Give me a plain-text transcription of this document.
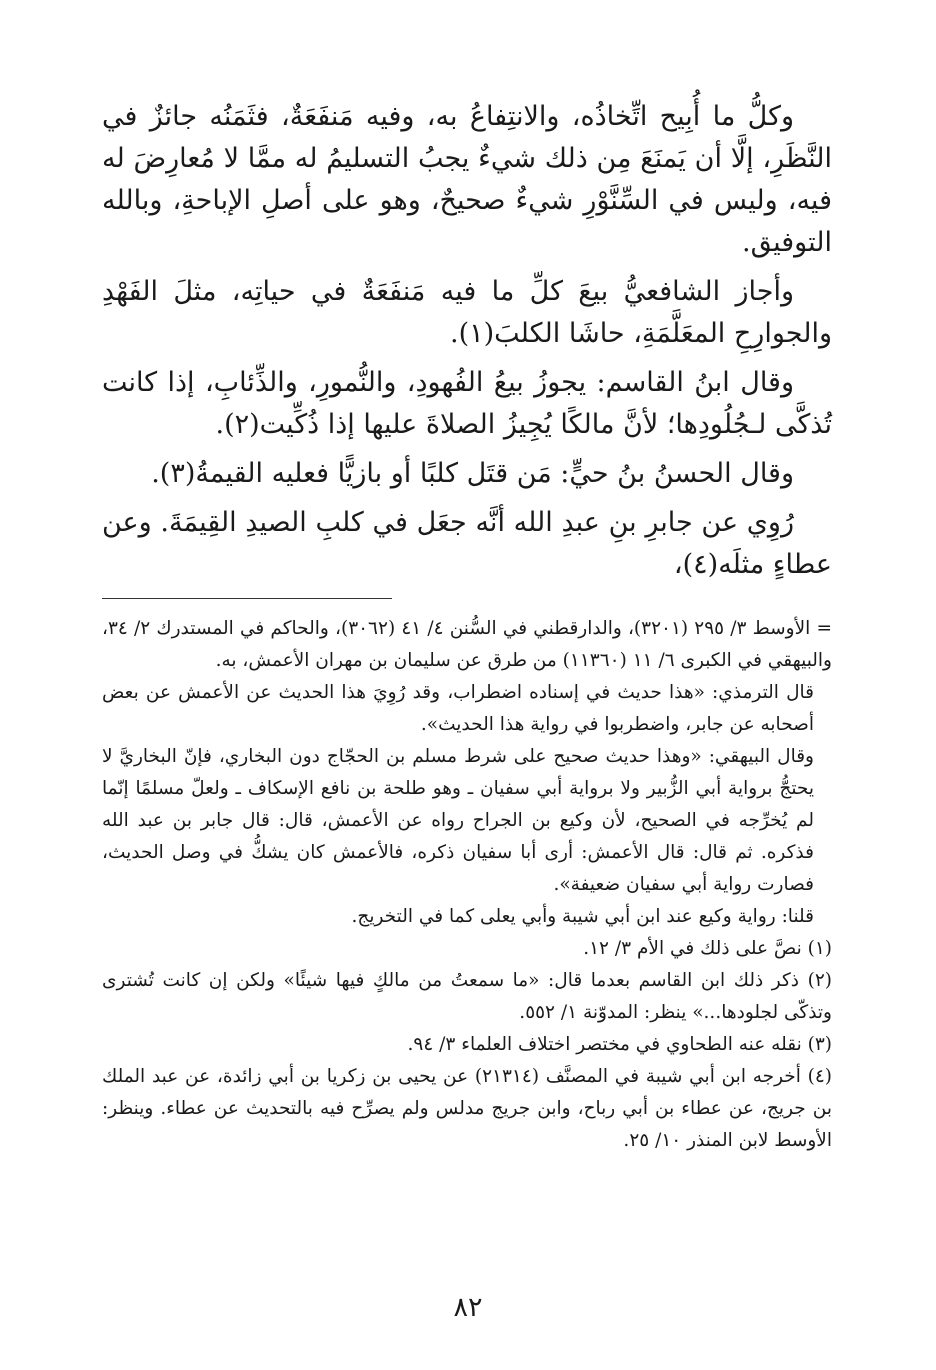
وكلُّ ما أُبِيح اتِّخاذُه، والانتِفاعُ به، وفيه مَنفَعَةٌ، فثَمَنُه جائزٌ في النَّظَرِ، إلَّا أن يَمنَعَ مِن ذلك شيءٌ يجبُ التسليمُ له ممَّا لا مُعارِضَ له فيه، وليس في السِّنَّوْرِ شيءٌ صحيحٌ، وهو على أصلِ الإباحةِ، وبالله التوفيق.

وأجاز الشافعيُّ بيعَ كلِّ ما فيه مَنفَعَةٌ في حياتِه، مثلَ الفَهْدِ والجوارِحِ المعَلَّمَةِ، حاشَا الكلبَ(١).

وقال ابنُ القاسم: يجوزُ بيعُ الفُهودِ، والنُّمورِ، والذِّئابِ، إذا كانت تُذكَّى لـجُلُودِها؛ لأنَّ مالكًا يُجِيزُ الصلاةَ عليها إذا ذُكِّيت(٢).

وقال الحسنُ بنُ حيٍّ: مَن قتَل كلبًا أو بازيًّا فعليه القيمةُ(٣).

رُوِي عن جابرِ بنِ عبدِ الله أنَّه جعَل في كلبِ الصيدِ القِيمَةَ. وعن عطاءٍ مثلَه(٤)،

= الأوسط ٣/ ٢٩٥ (٣٢٠١)، والدارقطني في السُّنن ٤/ ٤١ (٣٠٦٢)، والحاكم في المستدرك ٢/ ٣٤، والبيهقي في الكبرى ٦/ ١١ (١١٣٦٠) من طرق عن سليمان بن مهران الأعمش، به.

قال الترمذي: «هذا حديث في إسناده اضطراب، وقد رُوِيَ هذا الحديث عن الأعمش عن بعض أصحابه عن جابر، واضطربوا في رواية هذا الحديث».

وقال البيهقي: «وهذا حديث صحيح على شرط مسلم بن الحجّاج دون البخاري، فإنّ البخاريَّ لا يحتجُّ برواية أبي الزُّبير ولا برواية أبي سفيان ـ وهو طلحة بن نافع الإسكاف ـ ولعلّ مسلمًا إنّما لم يُخرِّجه في الصحيح، لأن وكيع بن الجراح رواه عن الأعمش، قال: قال جابر بن عبد الله فذكره. ثم قال: قال الأعمش: أرى أبا سفيان ذكره، فالأعمش كان يشكُّ في وصل الحديث، فصارت رواية أبي سفيان ضعيفة».

قلنا: رواية وكيع عند ابن أبي شيبة وأبي يعلى كما في التخريج.

(١) نصَّ على ذلك في الأم ٣/ ١٢.

(٢) ذكر ذلك ابن القاسم بعدما قال: «ما سمعتُ من مالكٍ فيها شيئًا» ولكن إن كانت تُشترى وتذكّى لجلودها...» ينظر: المدوّنة ١/ ٥٥٢.

(٣) نقله عنه الطحاوي في مختصر اختلاف العلماء ٣/ ٩٤.

(٤) أخرجه ابن أبي شيبة في المصنَّف (٢١٣١٤) عن يحيى بن زكريا بن أبي زائدة، عن عبد الملك بن جريج، عن عطاء بن أبي رباح، وابن جريج مدلس ولم يصرِّح فيه بالتحديث عن عطاء. وينظر: الأوسط لابن المنذر ١٠/ ٢٥.

٨٢
